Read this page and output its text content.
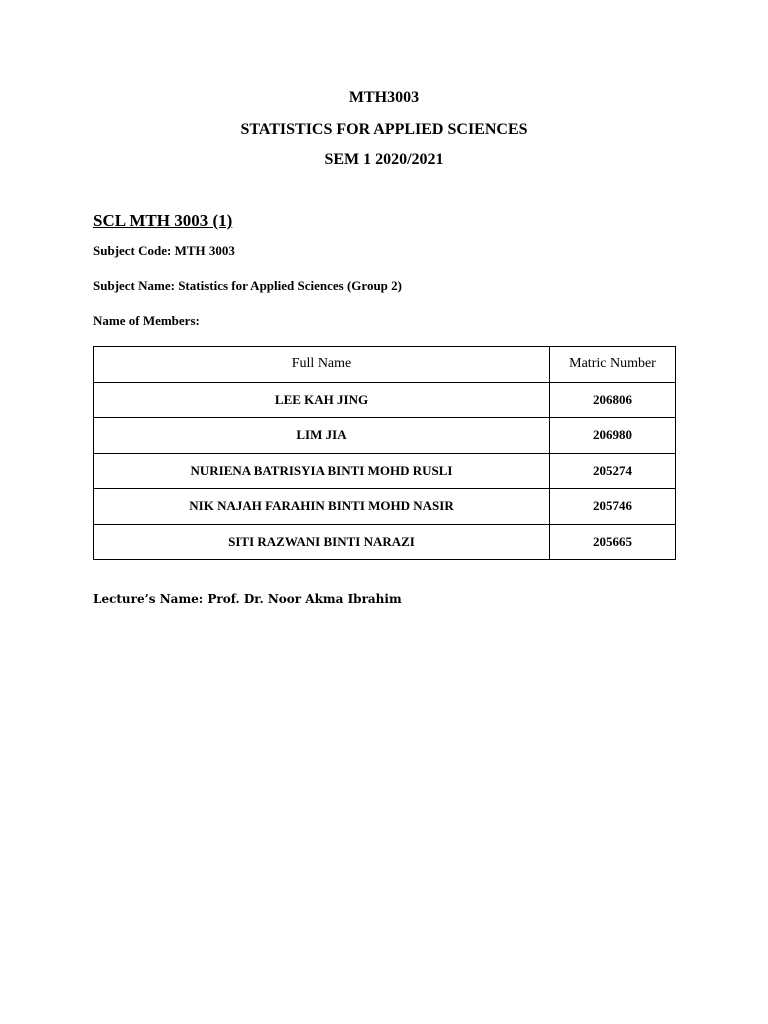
MTH3003
STATISTICS FOR APPLIED SCIENCES
SEM 1 2020/2021
SCL MTH 3003 (1)
Subject Code: MTH 3003
Subject Name: Statistics for Applied Sciences (Group 2)
Name of Members:
Full Name	Matric Number
LEE KAH JING	206806
LIM JIA	206980
NURIENA BATRISYIA BINTI MOHD RUSLI	205274
NIK NAJAH FARAHIN BINTI MOHD NASIR	205746
SITI RAZWANI BINTI NARAZI	205665
Lecture’s Name: Prof. Dr. Noor Akma Ibrahim
